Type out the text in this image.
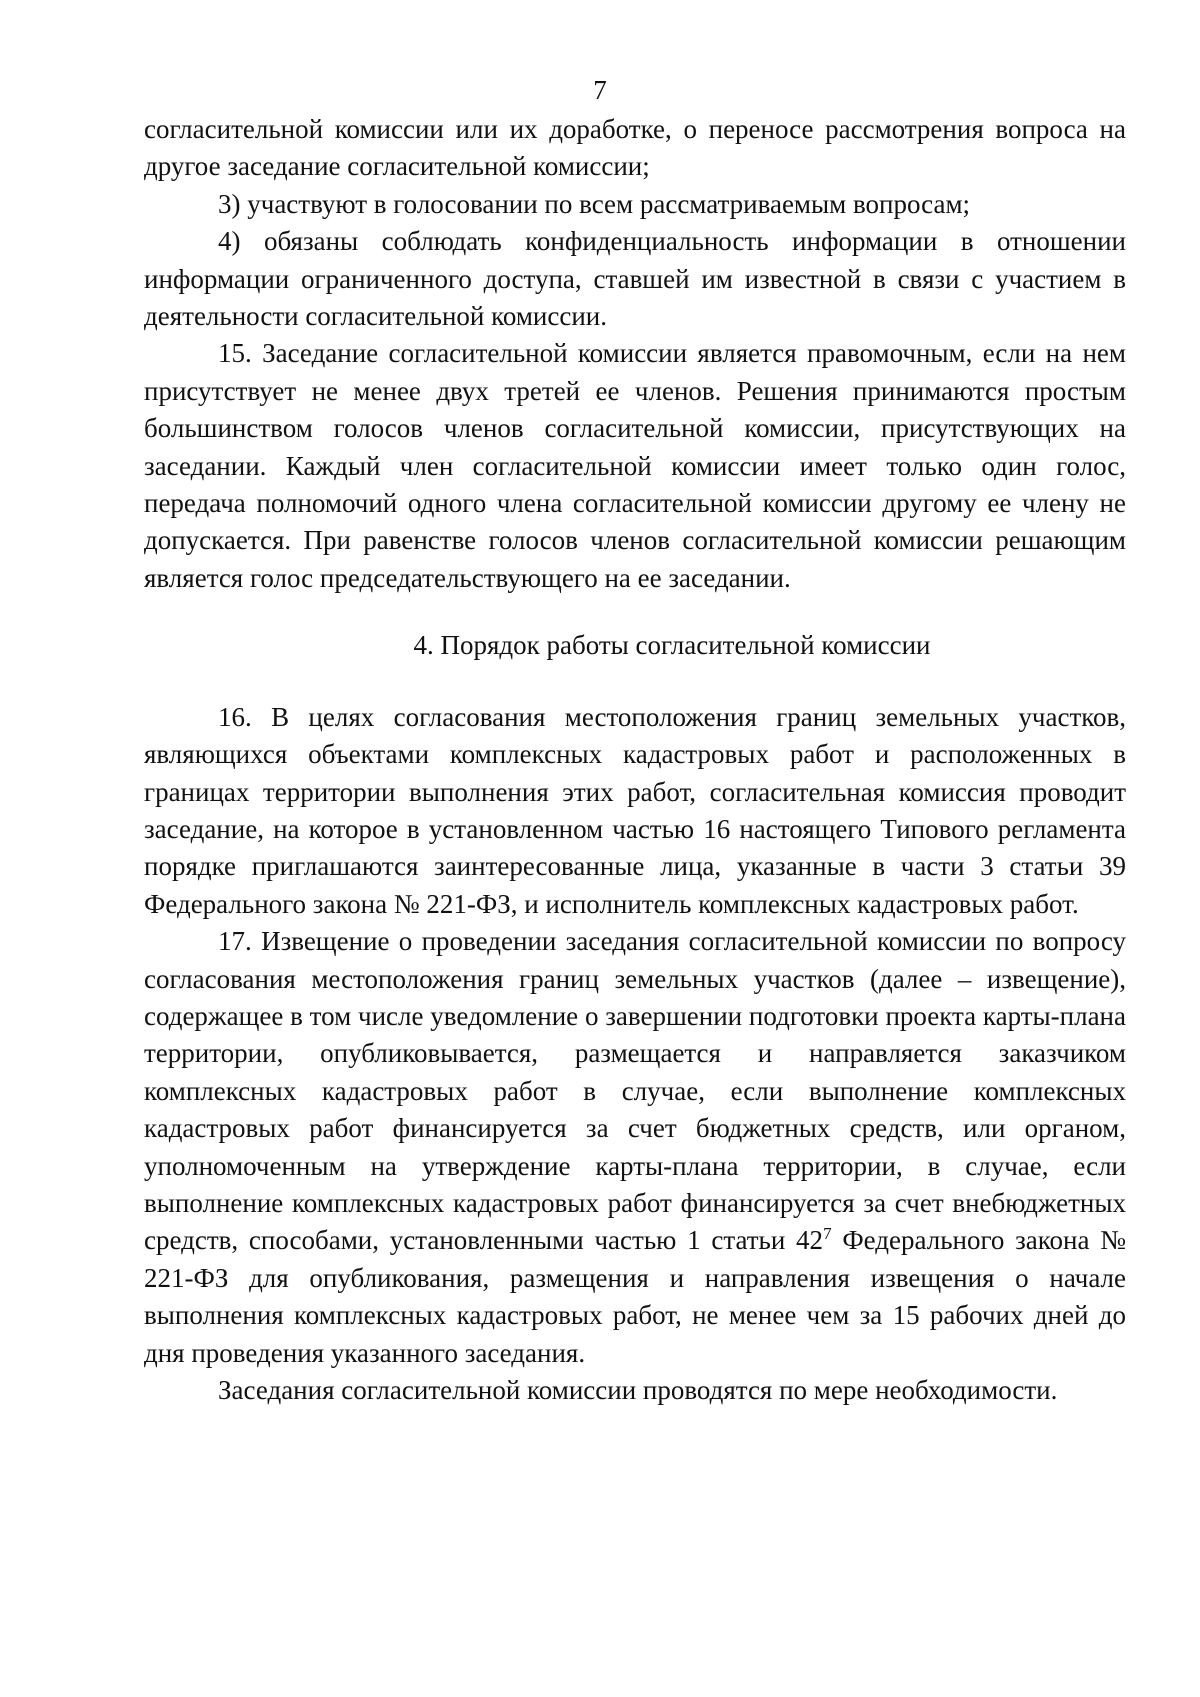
7

согласительной комиссии или их доработке, о переносе рассмотрения вопроса на другое заседание согласительной комиссии;

3) участвуют в голосовании по всем рассматриваемым вопросам;

4) обязаны соблюдать конфиденциальность информации в отношении информации ограниченного доступа, ставшей им известной в связи с участием в деятельности согласительной комиссии.

15. Заседание согласительной комиссии является правомочным, если на нем присутствует не менее двух третей ее членов. Решения принимаются простым большинством голосов членов согласительной комиссии, присутствующих на заседании. Каждый член согласительной комиссии имеет только один голос, передача полномочий одного члена согласительной комиссии другому ее члену не допускается. При равенстве голосов членов согласительной комиссии решающим является голос председательствующего на ее заседании.

4. Порядок работы согласительной комиссии

16. В целях согласования местоположения границ земельных участков, являющихся объектами комплексных кадастровых работ и расположенных в границах территории выполнения этих работ, согласительная комиссия проводит заседание, на которое в установленном частью 16 настоящего Типового регламента порядке приглашаются заинтересованные лица, указанные в части 3 статьи 39 Федерального закона № 221-ФЗ, и исполнитель комплексных кадастровых работ.

17. Извещение о проведении заседания согласительной комиссии по вопросу согласования местоположения границ земельных участков (далее – извещение), содержащее в том числе уведомление о завершении подготовки проекта карты-плана территории, опубликовывается, размещается и направляется заказчиком комплексных кадастровых работ в случае, если выполнение комплексных кадастровых работ финансируется за счет бюджетных средств, или органом, уполномоченным на утверждение карты-плана территории, в случае, если выполнение комплексных кадастровых работ финансируется за счет внебюджетных средств, способами, установленными частью 1 статьи $42^7$ Федерального закона № 221-ФЗ для опубликования, размещения и направления извещения о начале выполнения комплексных кадастровых работ, не менее чем за 15 рабочих дней до дня проведения указанного заседания.

Заседания согласительной комиссии проводятся по мере необходимости.
